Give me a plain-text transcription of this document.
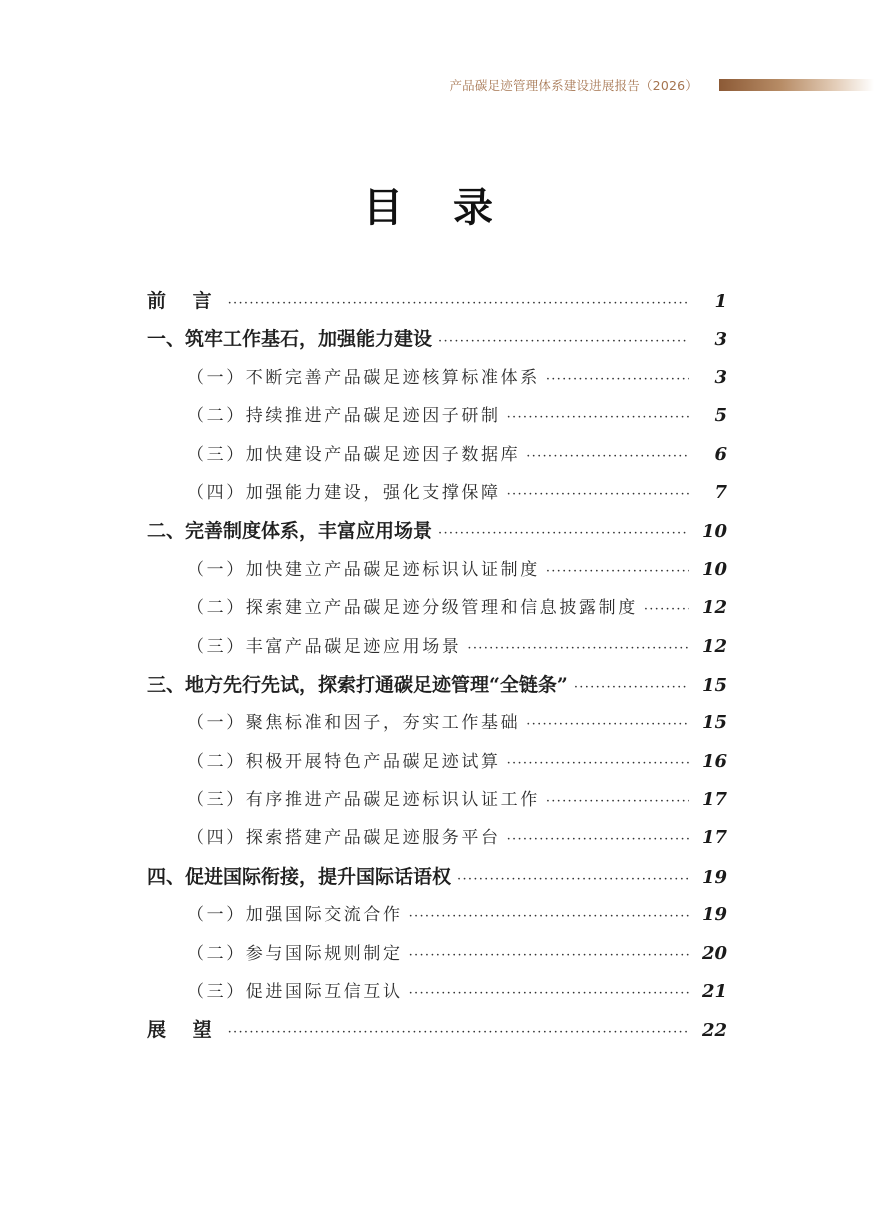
产品碳足迹管理体系建设进展报告（2026）
目 录
前 言 ·····	1
一、筑牢工作基石，加强能力建设 ·····	3
（一）不断完善产品碳足迹核算标准体系 ·····	3
（二）持续推进产品碳足迹因子研制 ·····	5
（三）加快建设产品碳足迹因子数据库 ·····	6
（四）加强能力建设，强化支撑保障 ·····	7
二、完善制度体系，丰富应用场景 ·····	10
（一）加快建立产品碳足迹标识认证制度 ·····	10
（二）探索建立产品碳足迹分级管理和信息披露制度 ·····	12
（三）丰富产品碳足迹应用场景 ·····	12
三、地方先行先试，探索打通碳足迹管理“全链条” ·····	15
（一）聚焦标准和因子，夯实工作基础 ·····	15
（二）积极开展特色产品碳足迹试算 ·····	16
（三）有序推进产品碳足迹标识认证工作 ·····	17
（四）探索搭建产品碳足迹服务平台 ·····	17
四、促进国际衔接，提升国际话语权 ·····	19
（一）加强国际交流合作 ·····	19
（二）参与国际规则制定 ·····	20
（三）促进国际互信互认 ·····	21
展 望 ·····	22
